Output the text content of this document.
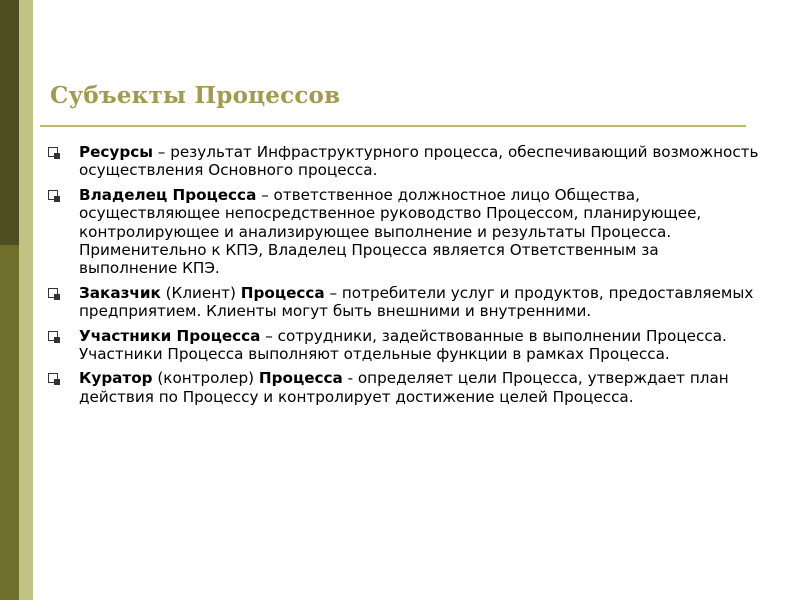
Субъекты Процессов
Ресурсы – результат Инфраструктурного процесса, обеспечивающий возможность осуществления Основного процесса.
Владелец Процесса – ответственное должностное лицо Общества, осуществляющее непосредственное руководство Процессом, планирующее, контролирующее и анализирующее выполнение и результаты Процесса. Применительно к КПЭ, Владелец Процесса является Ответственным за выполнение КПЭ.
Заказчик (Клиент) Процесса – потребители услуг и продуктов, предоставляемых предприятием. Клиенты могут быть внешними и внутренними.
Участники Процесса – сотрудники, задействованные в выполнении Процесса. Участники Процесса выполняют отдельные функции в рамках Процесса.
Куратор (контролер) Процесса - определяет цели Процесса, утверждает план действия по Процессу и контролирует достижение целей Процесса.
